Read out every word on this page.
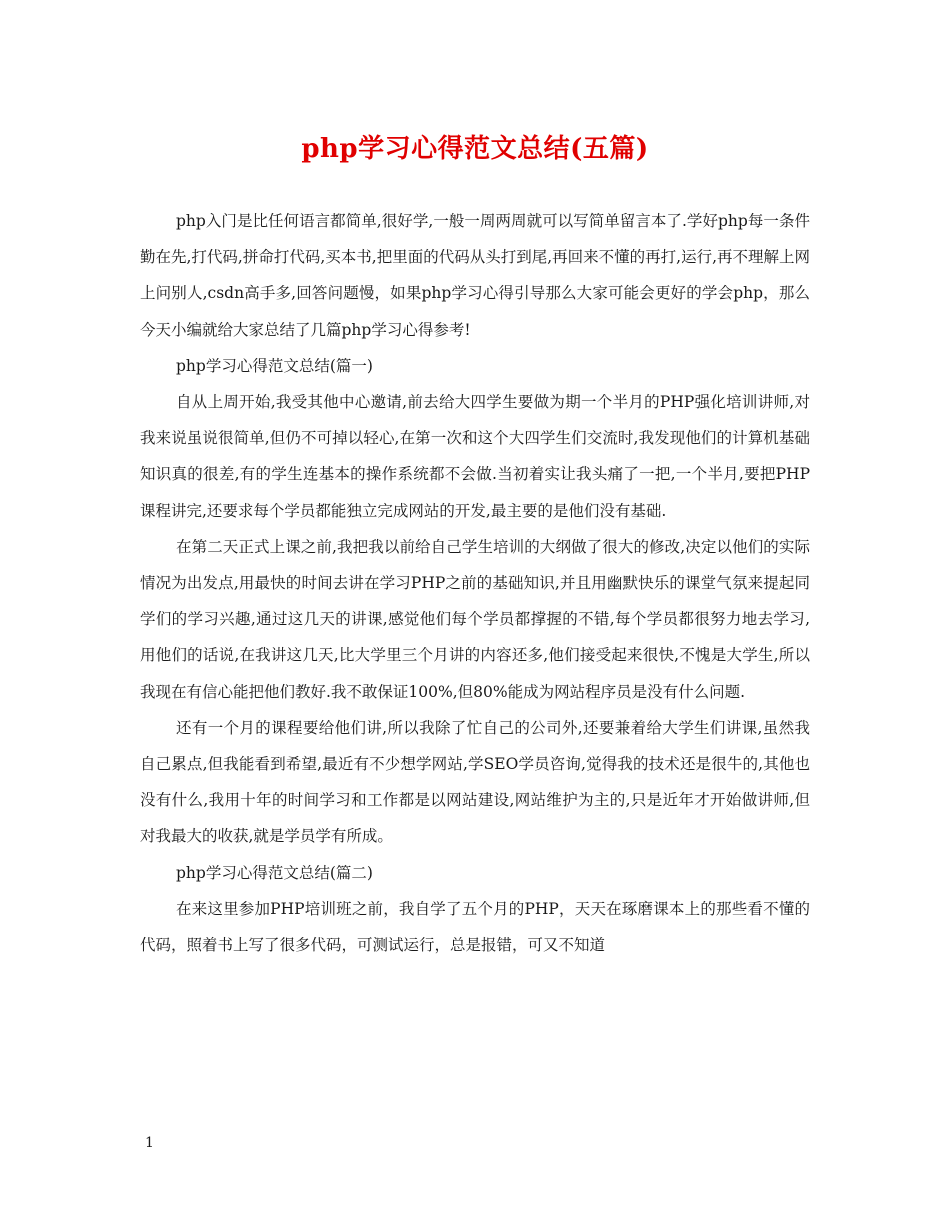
php学习心得范文总结(五篇)

php入门是比任何语言都简单,很好学,一般一周两周就可以写简单留言本了.学好php每一条件勤在先,打代码,拼命打代码,买本书,把里面的代码从头打到尾,再回来不懂的再打,运行,再不理解上网上问别人,csdn高手多,回答问题慢，如果php学习心得引导那么大家可能会更好的学会php，那么今天小编就给大家总结了几篇php学习心得参考!

php学习心得范文总结(篇一)

自从上周开始,我受其他中心邀请,前去给大四学生要做为期一个半月的PHP强化培训讲师,对我来说虽说很简单,但仍不可掉以轻心,在第一次和这个大四学生们交流时,我发现他们的计算机基础知识真的很差,有的学生连基本的操作系统都不会做.当初着实让我头痛了一把,一个半月,要把PHP课程讲完,还要求每个学员都能独立完成网站的开发,最主要的是他们没有基础.

在第二天正式上课之前,我把我以前给自己学生培训的大纲做了很大的修改,决定以他们的实际情况为出发点,用最快的时间去讲在学习PHP之前的基础知识,并且用幽默快乐的课堂气氛来提起同学们的学习兴趣,通过这几天的讲课,感觉他们每个学员都撑握的不错,每个学员都很努力地去学习,用他们的话说,在我讲这几天,比大学里三个月讲的内容还多,他们接受起来很快,不愧是大学生,所以我现在有信心能把他们教好.我不敢保证100%,但80%能成为网站程序员是没有什么问题.

还有一个月的课程要给他们讲,所以我除了忙自己的公司外,还要兼着给大学生们讲课,虽然我自己累点,但我能看到希望,最近有不少想学网站,学SEO学员咨询,觉得我的技术还是很牛的,其他也没有什么,我用十年的时间学习和工作都是以网站建设,网站维护为主的,只是近年才开始做讲师,但对我最大的收获,就是学员学有所成。

php学习心得范文总结(篇二)

在来这里参加PHP培训班之前，我自学了五个月的PHP，天天在琢磨课本上的那些看不懂的代码，照着书上写了很多代码，可测试运行，总是报错，可又不知道

1
